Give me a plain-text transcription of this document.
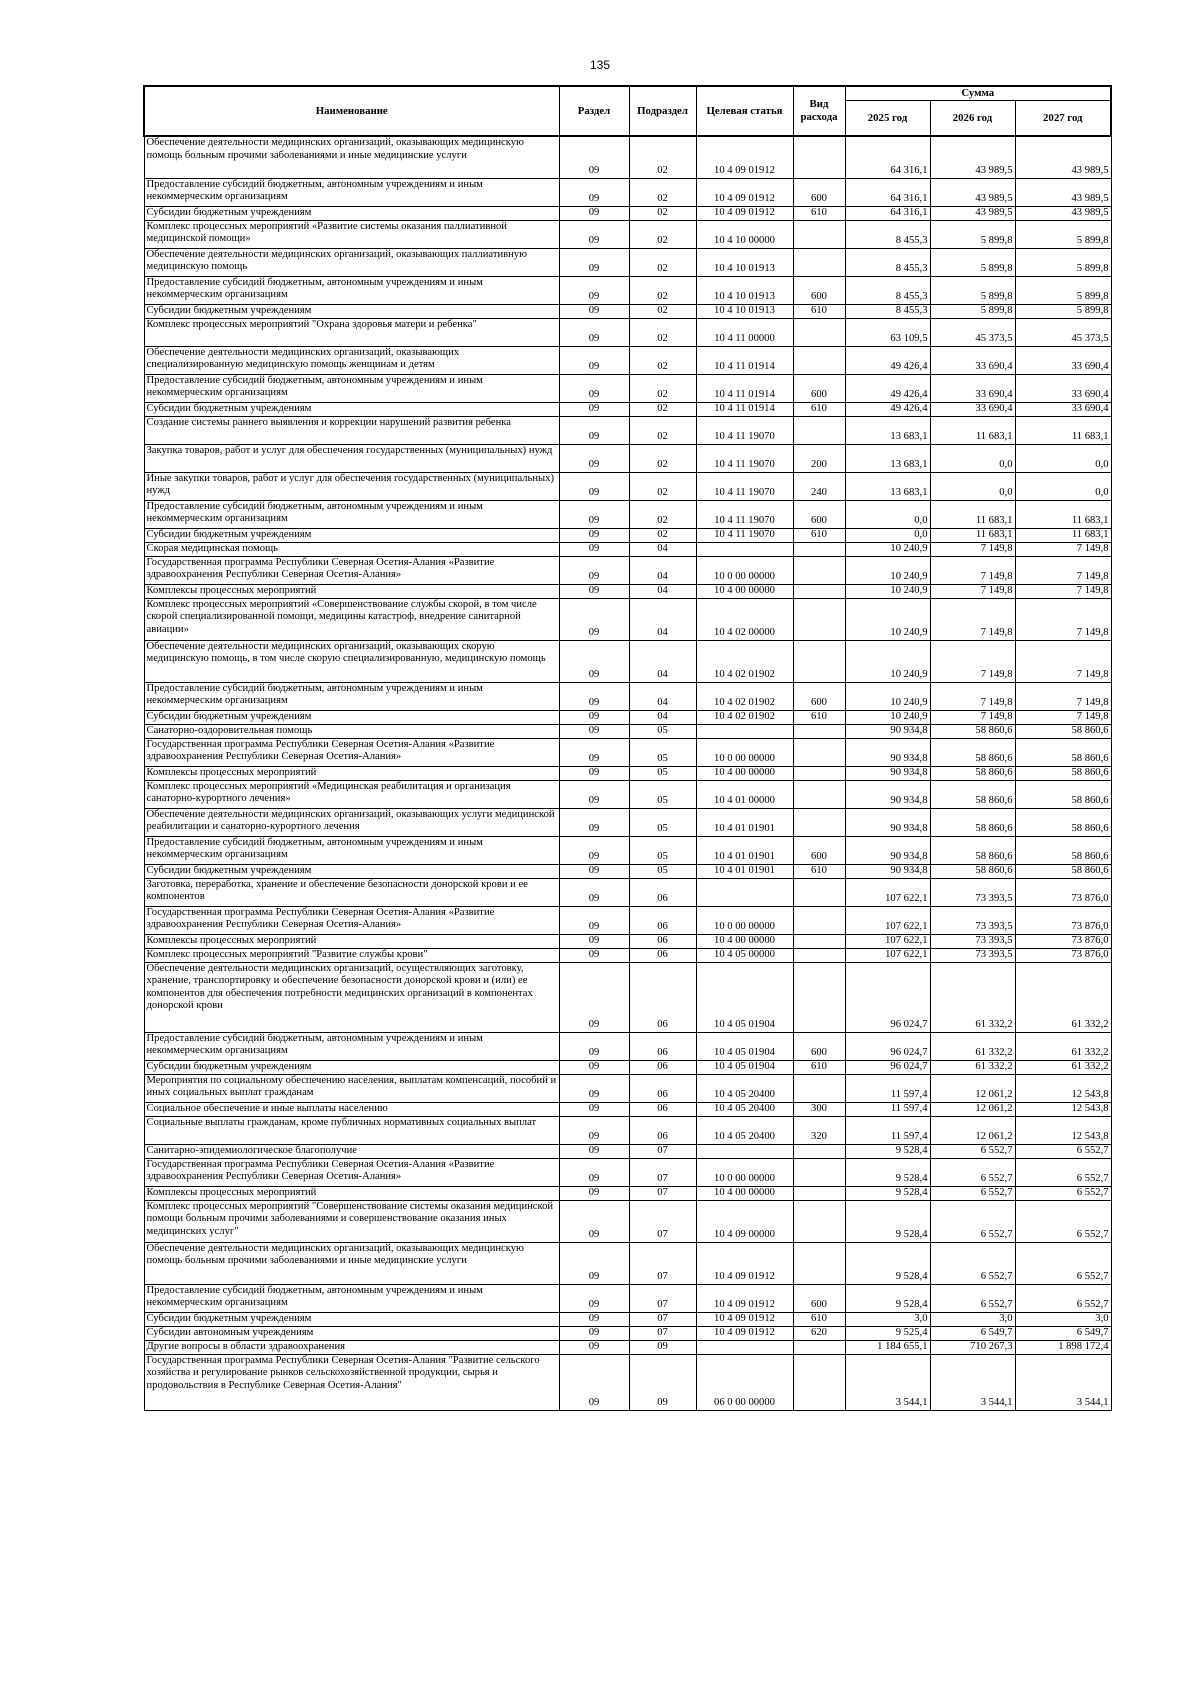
135
Наименование	Раздел	Подраздел	Целевая статья	Вид расхода	Сумма		
					2025 год	2026 год	2027 год
Обеспечение деятельности медицинских организаций, оказывающих медицинскую помощь больным прочими заболеваниями и иные медицинские услуги	09	02	10 4 09 01912		64 316,1	43 989,5	43 989,5
Предоставление субсидий бюджетным, автономным учреждениям и иным некоммерческим организациям	09	02	10 4 09 01912	600	64 316,1	43 989,5	43 989,5
Субсидии бюджетным учреждениям	09	02	10 4 09 01912	610	64 316,1	43 989,5	43 989,5
Комплекс процессных мероприятий «Развитие системы оказания паллиативной медицинской помощи»	09	02	10 4 10 00000		8 455,3	5 899,8	5 899,8
Обеспечение деятельности медицинских организаций, оказывающих паллиативную медицинскую помощь	09	02	10 4 10 01913		8 455,3	5 899,8	5 899,8
Предоставление субсидий бюджетным, автономным учреждениям и иным некоммерческим организациям	09	02	10 4 10 01913	600	8 455,3	5 899,8	5 899,8
Субсидии бюджетным учреждениям	09	02	10 4 10 01913	610	8 455,3	5 899,8	5 899,8
Комплекс процессных мероприятий "Охрана здоровья матери и ребенка"	09	02	10 4 11 00000		63 109,5	45 373,5	45 373,5
Обеспечение деятельности медицинских организаций, оказывающих специализированную медицинскую помощь женщинам и детям	09	02	10 4 11 01914		49 426,4	33 690,4	33 690,4
Предоставление субсидий бюджетным, автономным учреждениям и иным некоммерческим организациям	09	02	10 4 11 01914	600	49 426,4	33 690,4	33 690,4
Субсидии бюджетным учреждениям	09	02	10 4 11 01914	610	49 426,4	33 690,4	33 690,4
Создание системы раннего выявления и коррекции нарушений развития ребенка	09	02	10 4 11 19070		13 683,1	11 683,1	11 683,1
Закупка товаров, работ и услуг для обеспечения государственных (муниципальных) нужд	09	02	10 4 11 19070	200	13 683,1	0,0	0,0
Иные закупки товаров, работ и услуг для обеспечения государственных (муниципальных) нужд	09	02	10 4 11 19070	240	13 683,1	0,0	0,0
Предоставление субсидий бюджетным, автономным учреждениям и иным некоммерческим организациям	09	02	10 4 11 19070	600	0,0	11 683,1	11 683,1
Субсидии бюджетным учреждениям	09	02	10 4 11 19070	610	0,0	11 683,1	11 683,1
Скорая медицинская помощь	09	04			10 240,9	7 149,8	7 149,8
Государственная программа Республики Северная Осетия-Алания «Развитие здравоохранения Республики Северная Осетия-Алания»	09	04	10 0 00 00000		10 240,9	7 149,8	7 149,8
Комплексы процессных мероприятий	09	04	10 4 00 00000		10 240,9	7 149,8	7 149,8
Комплекс процессных мероприятий «Совершенствование службы скорой, в том числе скорой специализированной помощи, медицины катастроф, внедрение санитарной авиации»	09	04	10 4 02 00000		10 240,9	7 149,8	7 149,8
Обеспечение деятельности медицинских организаций, оказывающих скорую медицинскую помощь, в том числе скорую специализированную, медицинскую помощь	09	04	10 4 02 01902		10 240,9	7 149,8	7 149,8
Предоставление субсидий бюджетным, автономным учреждениям и иным некоммерческим организациям	09	04	10 4 02 01902	600	10 240,9	7 149,8	7 149,8
Субсидии бюджетным учреждениям	09	04	10 4 02 01902	610	10 240,9	7 149,8	7 149,8
Санаторно-оздоровительная помощь	09	05			90 934,8	58 860,6	58 860,6
Государственная программа Республики Северная Осетия-Алания «Развитие здравоохранения Республики Северная Осетия-Алания»	09	05	10 0 00 00000		90 934,8	58 860,6	58 860,6
Комплексы процессных мероприятий	09	05	10 4 00 00000		90 934,8	58 860,6	58 860,6
Комплекс процессных мероприятий «Медицинская реабилитация и организация санаторно-курортного лечения»	09	05	10 4 01 00000		90 934,8	58 860,6	58 860,6
Обеспечение деятельности медицинских организаций, оказывающих услуги медицинской реабилитации и санаторно-курортного лечения	09	05	10 4 01 01901		90 934,8	58 860,6	58 860,6
Предоставление субсидий бюджетным, автономным учреждениям и иным некоммерческим организациям	09	05	10 4 01 01901	600	90 934,8	58 860,6	58 860,6
Субсидии бюджетным учреждениям	09	05	10 4 01 01901	610	90 934,8	58 860,6	58 860,6
Заготовка, переработка, хранение и обеспечение безопасности донорской крови и ее компонентов	09	06			107 622,1	73 393,5	73 876,0
Государственная программа Республики Северная Осетия-Алания «Развитие здравоохранения Республики Северная Осетия-Алания»	09	06	10 0 00 00000		107 622,1	73 393,5	73 876,0
Комплексы процессных мероприятий	09	06	10 4 00 00000		107 622,1	73 393,5	73 876,0
Комплекс процессных мероприятий "Развитие службы крови"	09	06	10 4 05 00000		107 622,1	73 393,5	73 876,0
Обеспечение деятельности медицинских организаций, осуществляющих заготовку, хранение, транспортировку и обеспечение безопасности донорской крови и (или) ее компонентов для обеспечения потребности медицинских организаций в компонентах донорской крови	09	06	10 4 05 01904		96 024,7	61 332,2	61 332,2
Предоставление субсидий бюджетным, автономным учреждениям и иным некоммерческим организациям	09	06	10 4 05 01904	600	96 024,7	61 332,2	61 332,2
Субсидии бюджетным учреждениям	09	06	10 4 05 01904	610	96 024,7	61 332,2	61 332,2
Мероприятия по социальному обеспечению населения, выплатам компенсаций, пособий и иных социальных выплат гражданам	09	06	10 4 05 20400		11 597,4	12 061,2	12 543,8
Социальное обеспечение и иные выплаты населению	09	06	10 4 05 20400	300	11 597,4	12 061,2	12 543,8
Социальные выплаты гражданам, кроме публичных нормативных социальных выплат	09	06	10 4 05 20400	320	11 597,4	12 061,2	12 543,8
Санитарно-эпидемиологическое благополучие	09	07			9 528,4	6 552,7	6 552,7
Государственная программа Республики Северная Осетия-Алания «Развитие здравоохранения Республики Северная Осетия-Алания»	09	07	10 0 00 00000		9 528,4	6 552,7	6 552,7
Комплексы процессных мероприятий	09	07	10 4 00 00000		9 528,4	6 552,7	6 552,7
Комплекс процессных мероприятий "Совершенствование системы оказания медицинской помощи больным прочими заболеваниями и совершенствование оказания иных медицинских услуг"	09	07	10 4 09 00000		9 528,4	6 552,7	6 552,7
Обеспечение деятельности медицинских организаций, оказывающих медицинскую помощь больным прочими заболеваниями и иные медицинские услуги	09	07	10 4 09 01912		9 528,4	6 552,7	6 552,7
Предоставление субсидий бюджетным, автономным учреждениям и иным некоммерческим организациям	09	07	10 4 09 01912	600	9 528,4	6 552,7	6 552,7
Субсидии бюджетным учреждениям	09	07	10 4 09 01912	610	3,0	3,0	3,0
Субсидии автономным учреждениям	09	07	10 4 09 01912	620	9 525,4	6 549,7	6 549,7
Другие вопросы в области здравоохранения	09	09			1 184 655,1	710 267,3	1 898 172,4
Государственная программа Республики Северная Осетия-Алания "Развитие сельского хозяйства и регулирование рынков сельскохозяйственной продукции, сырья и продовольствия в Республике Северная Осетия-Алания"	09	09	06 0 00 00000		3 544,1	3 544,1	3 544,1
